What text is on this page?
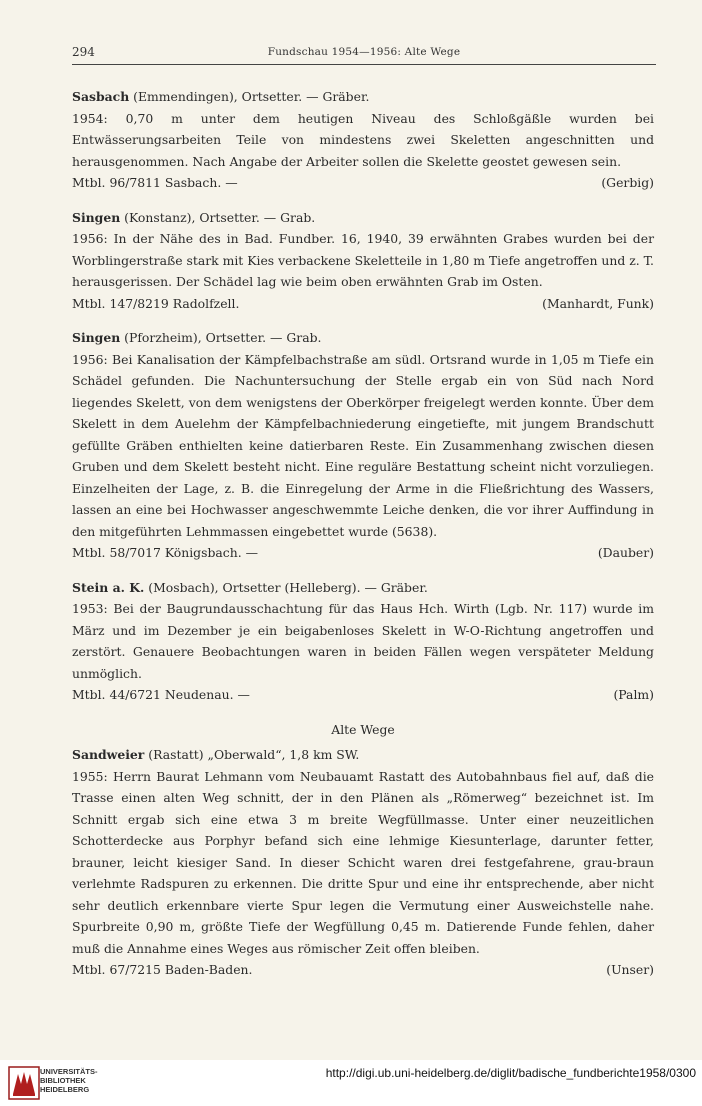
294	Fundschau 1954—1956: Alte Wege

Sasbach (Emmendingen), Ortsetter. — Gräber.

1954: 0,70 m unter dem heutigen Niveau des Schloßgäßle wurden bei Entwässerungsarbeiten Teile von mindestens zwei Skeletten angeschnitten und herausgenommen. Nach Angabe der Arbeiter sollen die Skelette geostet gewesen sein.

Mtbl. 96/7811 Sasbach. —	(Gerbig)

Singen (Konstanz), Ortsetter. — Grab.

1956: In der Nähe des in Bad. Fundber. 16, 1940, 39 erwähnten Grabes wurden bei der Worblingerstraße stark mit Kies verbackene Skeletteile in 1,80 m Tiefe angetroffen und z. T. herausgerissen. Der Schädel lag wie beim oben erwähnten Grab im Osten.

Mtbl. 147/8219 Radolfzell.	(Manhardt, Funk)

Singen (Pforzheim), Ortsetter. — Grab.

1956: Bei Kanalisation der Kämpfelbachstraße am südl. Ortsrand wurde in 1,05 m Tiefe ein Schädel gefunden. Die Nachuntersuchung der Stelle ergab ein von Süd nach Nord liegendes Skelett, von dem wenigstens der Oberkörper freigelegt werden konnte. Über dem Skelett in dem Auelehm der Kämpfelbachniederung eingetiefte, mit jungem Brandschutt gefüllte Gräben enthielten keine datierbaren Reste. Ein Zusammenhang zwischen diesen Gruben und dem Skelett besteht nicht. Eine reguläre Bestattung scheint nicht vorzuliegen. Einzelheiten der Lage, z. B. die Einregelung der Arme in die Fließrichtung des Wassers, lassen an eine bei Hochwasser angeschwemmte Leiche denken, die vor ihrer Auffindung in den mitgeführten Lehmmassen eingebettet wurde (5638).

Mtbl. 58/7017 Königsbach. —	(Dauber)

Stein a. K. (Mosbach), Ortsetter (Helleberg). — Gräber.

1953: Bei der Baugrundausschachtung für das Haus Hch. Wirth (Lgb. Nr. 117) wurde im März und im Dezember je ein beigabenloses Skelett in W-O-Richtung angetroffen und zerstört. Genauere Beobachtungen waren in beiden Fällen wegen verspäteter Meldung unmöglich.

Mtbl. 44/6721 Neudenau. —	(Palm)
Alte Wege

Sandweier (Rastatt) „Oberwald“, 1,8 km SW.

1955: Herrn Baurat Lehmann vom Neubauamt Rastatt des Autobahnbaus fiel auf, daß die Trasse einen alten Weg schnitt, der in den Plänen als „Römerweg“ bezeichnet ist. Im Schnitt ergab sich eine etwa 3 m breite Wegfüllmasse. Unter einer neuzeitlichen Schotterdecke aus Porphyr befand sich eine lehmige Kiesunterlage, darunter fetter, brauner, leicht kiesiger Sand. In dieser Schicht waren drei festgefahrene, grau-braun verlehmte Radspuren zu erkennen. Die dritte Spur und eine ihr entsprechende, aber nicht sehr deutlich erkennbare vierte Spur legen die Vermutung einer Ausweichstelle nahe. Spurbreite 0,90 m, größte Tiefe der Wegfüllung 0,45 m. Datierende Funde fehlen, daher muß die Annahme eines Weges aus römischer Zeit offen bleiben.

Mtbl. 67/7215 Baden-Baden.	(Unser)
UNIVERSITÄTS-
BIBLIOTHEK
HEIDELBERG
http://digi.ub.uni-heidelberg.de/diglit/badische_fundberichte1958/0300
